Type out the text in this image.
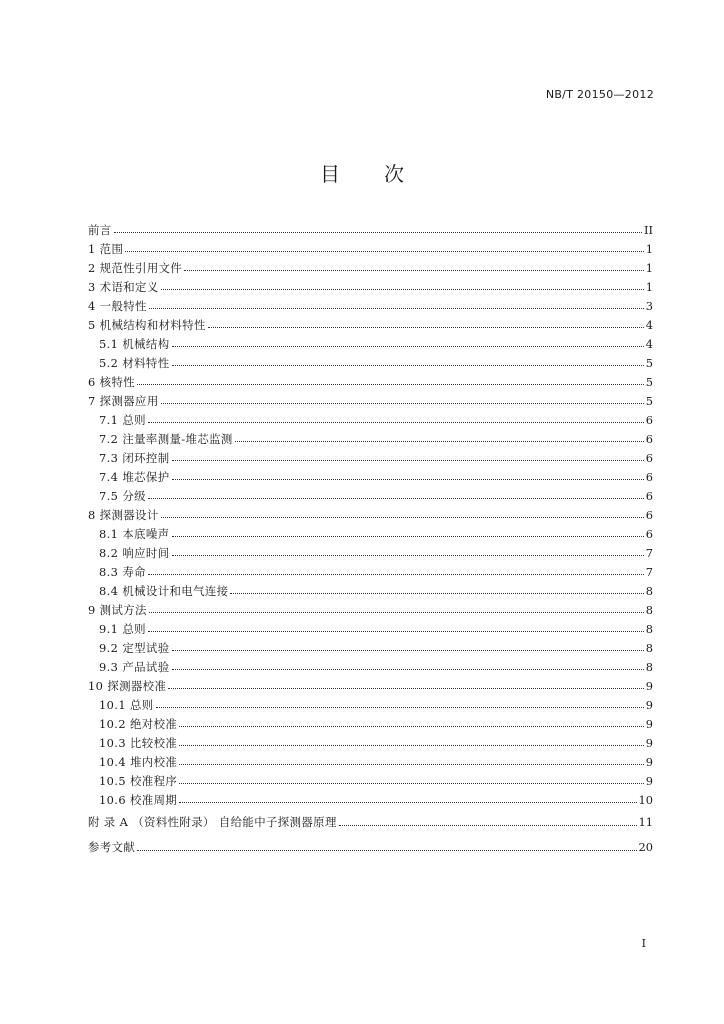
NB/T 20150—2012
目 次
前言	II
1 范围	1
2 规范性引用文件	1
3 术语和定义	1
4 一般特性	3
5 机械结构和材料特性	4
5.1 机械结构	4
5.2 材料特性	5
6 核特性	5
7 探测器应用	5
7.1 总则	6
7.2 注量率测量-堆芯监测	6
7.3 闭环控制	6
7.4 堆芯保护	6
7.5 分级	6
8 探测器设计	6
8.1 本底噪声	6
8.2 响应时间	7
8.3 寿命	7
8.4 机械设计和电气连接	8
9 测试方法	8
9.1 总则	8
9.2 定型试验	8
9.3 产品试验	8
10 探测器校准	9
10.1 总则	9
10.2 绝对校准	9
10.3 比较校准	9
10.4 堆内校准	9
10.5 校准程序	9
10.6 校准周期	10
附 录 A （资料性附录） 自给能中子探测器原理	11
参考文献	20
I
